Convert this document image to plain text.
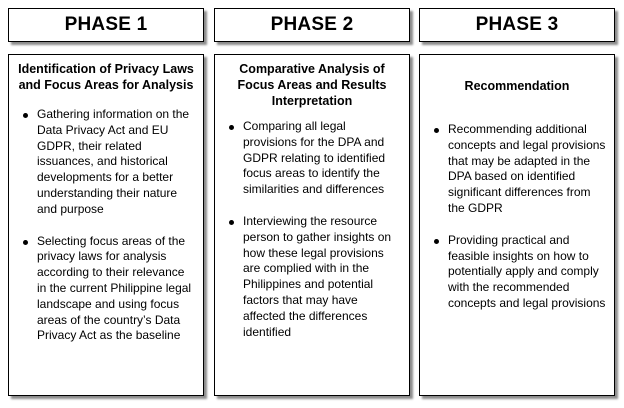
PHASE 1	PHASE 2	PHASE 3

Identification of Privacy Laws and Focus Areas for Analysis

Gathering information on the Data Privacy Act and EU GDPR, their related issuances, and historical developments for a better understanding their nature and purpose
Selecting focus areas of the privacy laws for analysis according to their relevance in the current Philippine legal landscape and using focus areas of the country’s Data Privacy Act as the baseline

Comparative Analysis of Focus Areas and Results Interpretation

Comparing all legal provisions for the DPA and GDPR relating to identified focus areas to identify the similarities and differences
Interviewing the resource person to gather insights on how these legal provisions are complied with in the Philippines and potential factors that may have affected the differences identified

Recommendation

Recommending additional concepts and legal provisions that may be adapted in the DPA based on identified significant differences from the GDPR
Providing practical and feasible insights on how to potentially apply and comply with the recommended concepts and legal provisions
